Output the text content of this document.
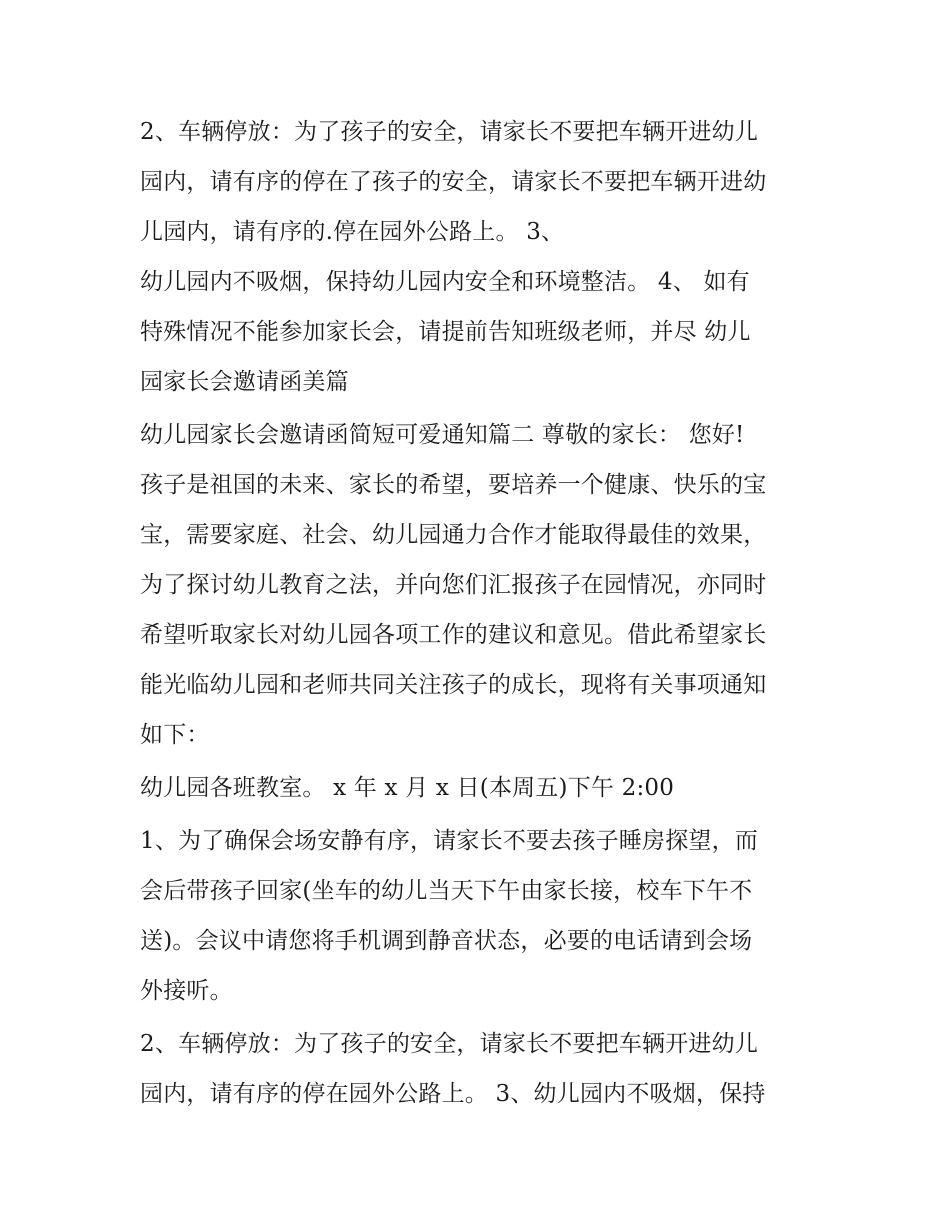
2、车辆停放：为了孩子的安全，请家长不要把车辆开进幼儿
园内，请有序的停在了孩子的安全，请家长不要把车辆开进幼
儿园内，请有序的.停在园外公路上。 3、
幼儿园内不吸烟，保持幼儿园内安全和环境整洁。 4、 如有
特殊情况不能参加家长会，请提前告知班级老师，并尽 幼儿
园家长会邀请函美篇
幼儿园家长会邀请函简短可爱通知篇二 尊敬的家长： 您好!
孩子是祖国的未来、家长的希望，要培养一个健康、快乐的宝
宝，需要家庭、社会、幼儿园通力合作才能取得最佳的效果，
为了探讨幼儿教育之法，并向您们汇报孩子在园情况，亦同时
希望听取家长对幼儿园各项工作的建议和意见。借此希望家长
能光临幼儿园和老师共同关注孩子的成长，现将有关事项通知
如下：
幼儿园各班教室。 x 年 x 月 x 日(本周五)下午 2:00
1、为了确保会场安静有序，请家长不要去孩子睡房探望，而
会后带孩子回家(坐车的幼儿当天下午由家长接，校车下午不
送)。会议中请您将手机调到静音状态，必要的电话请到会场
外接听。
2、车辆停放：为了孩子的安全，请家长不要把车辆开进幼儿
园内，请有序的停在园外公路上。 3、幼儿园内不吸烟，保持
